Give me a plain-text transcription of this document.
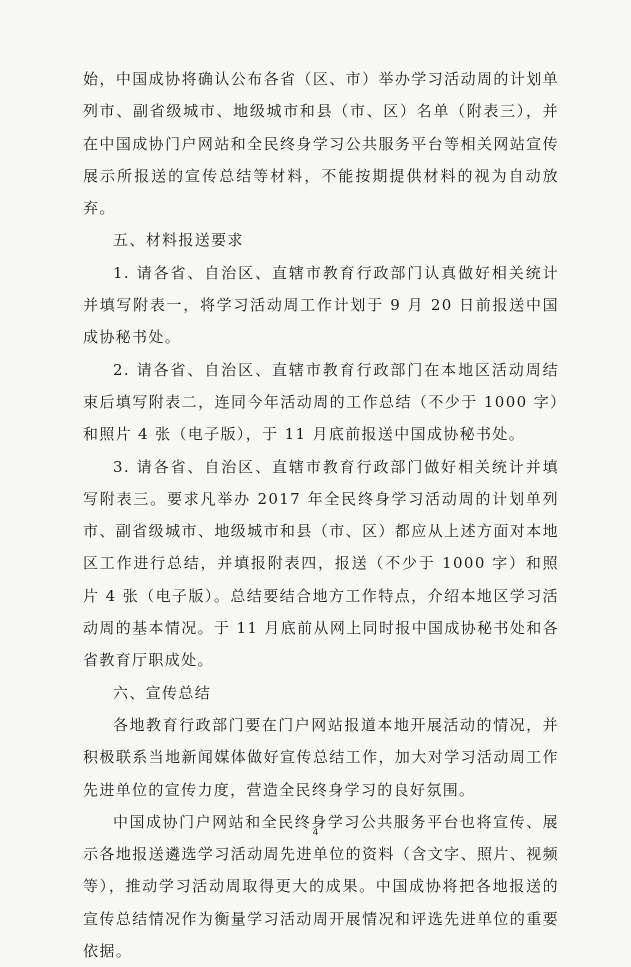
始，中国成协将确认公布各省（区、市）举办学习活动周的计划单列市、副省级城市、地级城市和县（市、区）名单（附表三），并在中国成协门户网站和全民终身学习公共服务平台等相关网站宣传展示所报送的宣传总结等材料，不能按期提供材料的视为自动放弃。

五、材料报送要求

1. 请各省、自治区、直辖市教育行政部门认真做好相关统计并填写附表一，将学习活动周工作计划于 9 月 20 日前报送中国成协秘书处。

2. 请各省、自治区、直辖市教育行政部门在本地区活动周结束后填写附表二，连同今年活动周的工作总结（不少于 1000 字）和照片 4 张（电子版），于 11 月底前报送中国成协秘书处。

3. 请各省、自治区、直辖市教育行政部门做好相关统计并填写附表三。要求凡举办 2017 年全民终身学习活动周的计划单列市、副省级城市、地级城市和县（市、区）都应从上述方面对本地区工作进行总结，并填报附表四，报送（不少于 1000 字）和照片 4 张（电子版）。总结要结合地方工作特点，介绍本地区学习活动周的基本情况。于 11 月底前从网上同时报中国成协秘书处和各省教育厅职成处。

六、宣传总结

各地教育行政部门要在门户网站报道本地开展活动的情况，并积极联系当地新闻媒体做好宣传总结工作，加大对学习活动周工作先进单位的宣传力度，营造全民终身学习的良好氛围。

中国成协门户网站和全民终身学习公共服务平台也将宣传、展示各地报送遴选学习活动周先进单位的资料（含文字、照片、视频等），推动学习活动周取得更大的成果。中国成协将把各地报送的宣传总结情况作为衡量学习活动周开展情况和评选先进单位的重要依据。

4
